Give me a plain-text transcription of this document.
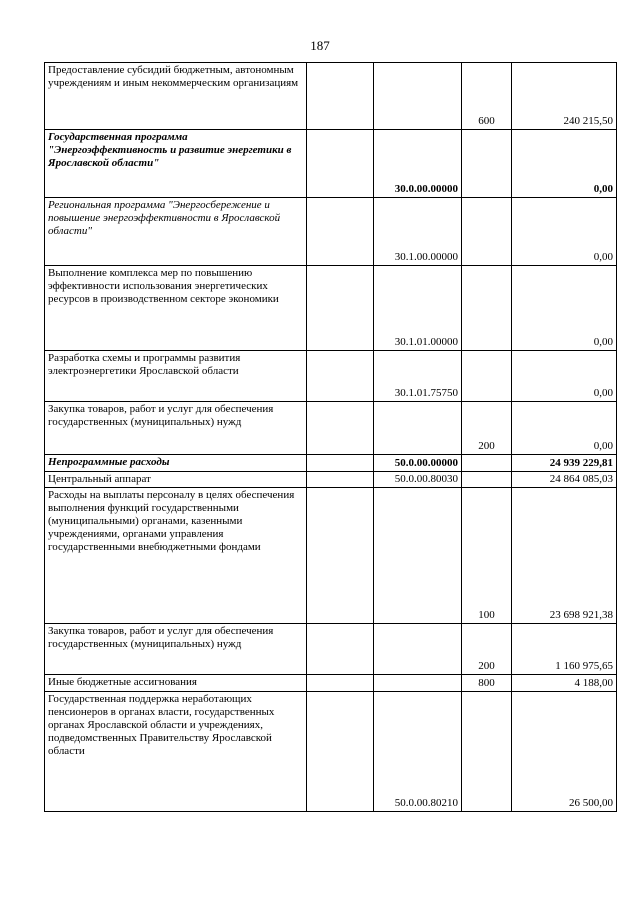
187
Предоставление субсидий бюджетным, автономным учреждениям и иным некоммерческим организациям			600	240 215,50
Государственная программа "Энергоэффективность и развитие энергетики в Ярославской области"		30.0.00.00000		0,00
Региональная программа "Энергосбережение и повышение энергоэффективности в Ярославской области"		30.1.00.00000		0,00
Выполнение комплекса мер по повышению эффективности использования энергетических ресурсов в производственном секторе экономики		30.1.01.00000		0,00
Разработка схемы и программы развития электроэнергетики Ярославской области		30.1.01.75750		0,00
Закупка товаров, работ и услуг для обеспечения государственных (муниципальных) нужд			200	0,00
Непрограммные расходы		50.0.00.00000		24 939 229,81
Центральный аппарат		50.0.00.80030		24 864 085,03
Расходы на выплаты персоналу в целях обеспечения выполнения функций государственными (муниципальными) органами, казенными учреждениями, органами управления государственными внебюджетными фондами			100	23 698 921,38
Закупка товаров, работ и услуг для обеспечения государственных (муниципальных) нужд			200	1 160 975,65
Иные бюджетные ассигнования			800	4 188,00
Государственная поддержка неработающих пенсионеров в органах власти, государственных органах Ярославской области и учреждениях, подведомственных Правительству Ярославской области		50.0.00.80210		26 500,00
